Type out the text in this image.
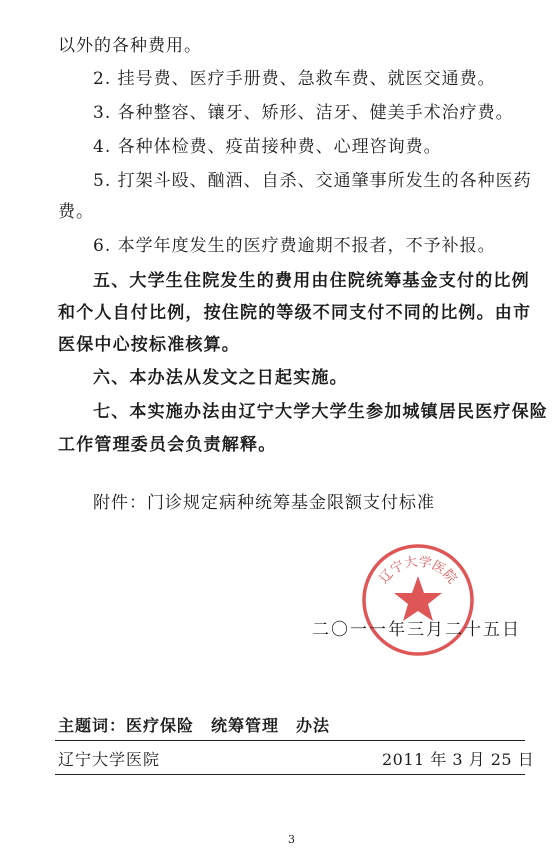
以外的各种费用。
2. 挂号费、医疗手册费、急救车费、就医交通费。
3. 各种整容、镶牙、矫形、洁牙、健美手术治疗费。
4. 各种体检费、疫苗接种费、心理咨询费。
5. 打架斗殴、酗酒、自杀、交通肇事所发生的各种医药
费。
6. 本学年度发生的医疗费逾期不报者，不予补报。
五、大学生住院发生的费用由住院统筹基金支付的比例
和个人自付比例，按住院的等级不同支付不同的比例。由市
医保中心按标准核算。
六、本办法从发文之日起实施。
七、本实施办法由辽宁大学大学生参加城镇居民医疗保险
工作管理委员会负责解释。
附件：门诊规定病种统筹基金限额支付标准
辽宁大学医院
二〇一一年三月二十五日
主题词：医疗保险　统筹管理　办法
辽宁大学医院	2011 年 3 月 25 日
3
